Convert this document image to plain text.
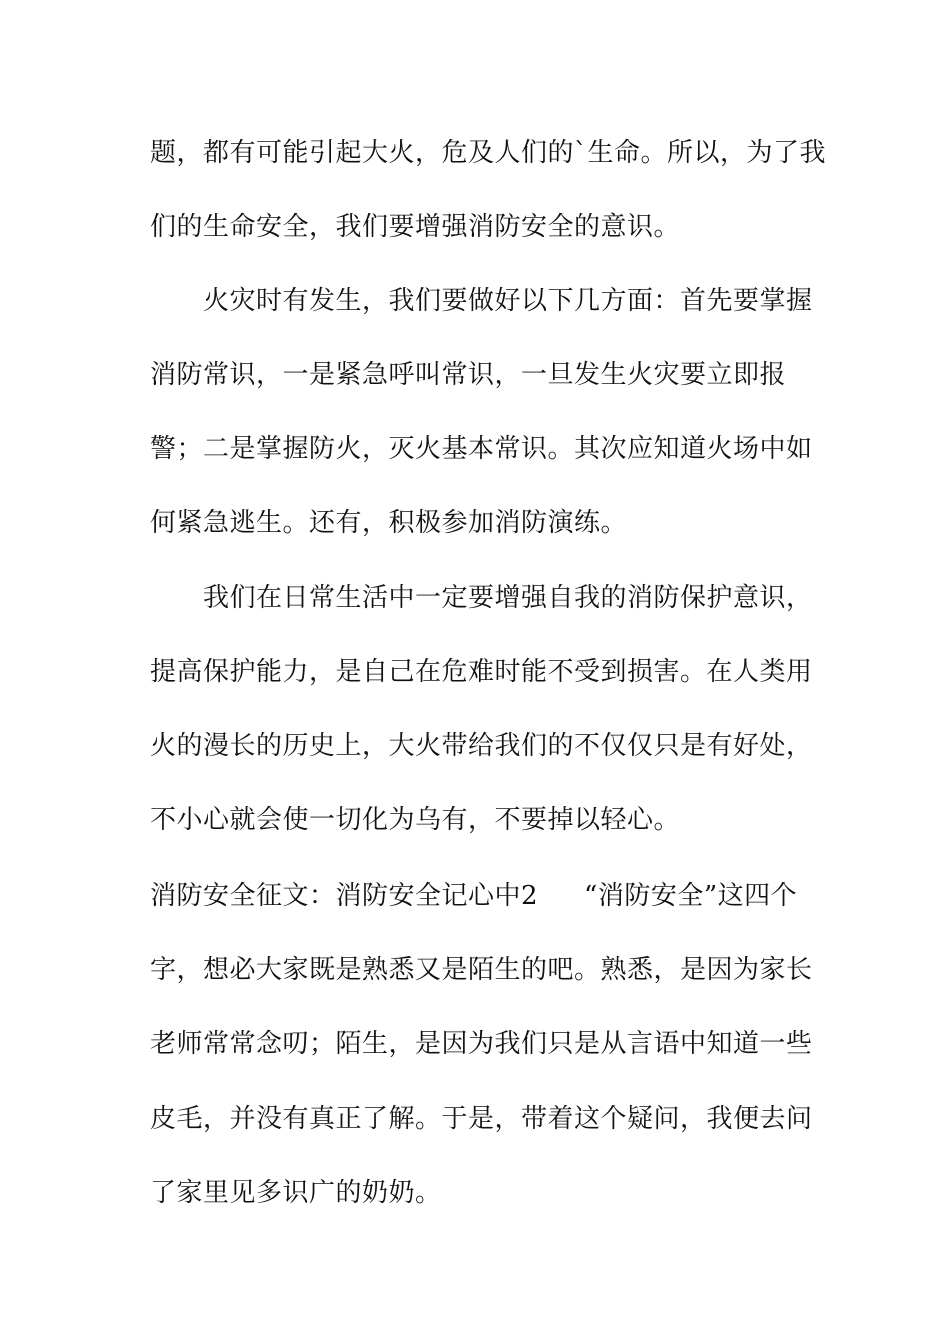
题，都有可能引起大火，危及人们的`生命。所以，为了我
们的生命安全，我们要增强消防安全的意识。
火灾时有发生，我们要做好以下几方面：首先要掌握
消防常识，一是紧急呼叫常识，一旦发生火灾要立即报
警；二是掌握防火，灭火基本常识。其次应知道火场中如
何紧急逃生。还有，积极参加消防演练。
我们在日常生活中一定要增强自我的消防保护意识，
提高保护能力，是自己在危难时能不受到损害。在人类用
火的漫长的历史上，大火带给我们的不仅仅只是有好处，
不小心就会使一切化为乌有，不要掉以轻心。
消防安全征文：消防安全记心中2 “消防安全”这四个
字，想必大家既是熟悉又是陌生的吧。熟悉，是因为家长
老师常常念叨；陌生，是因为我们只是从言语中知道一些
皮毛，并没有真正了解。于是，带着这个疑问，我便去问
了家里见多识广的奶奶。
